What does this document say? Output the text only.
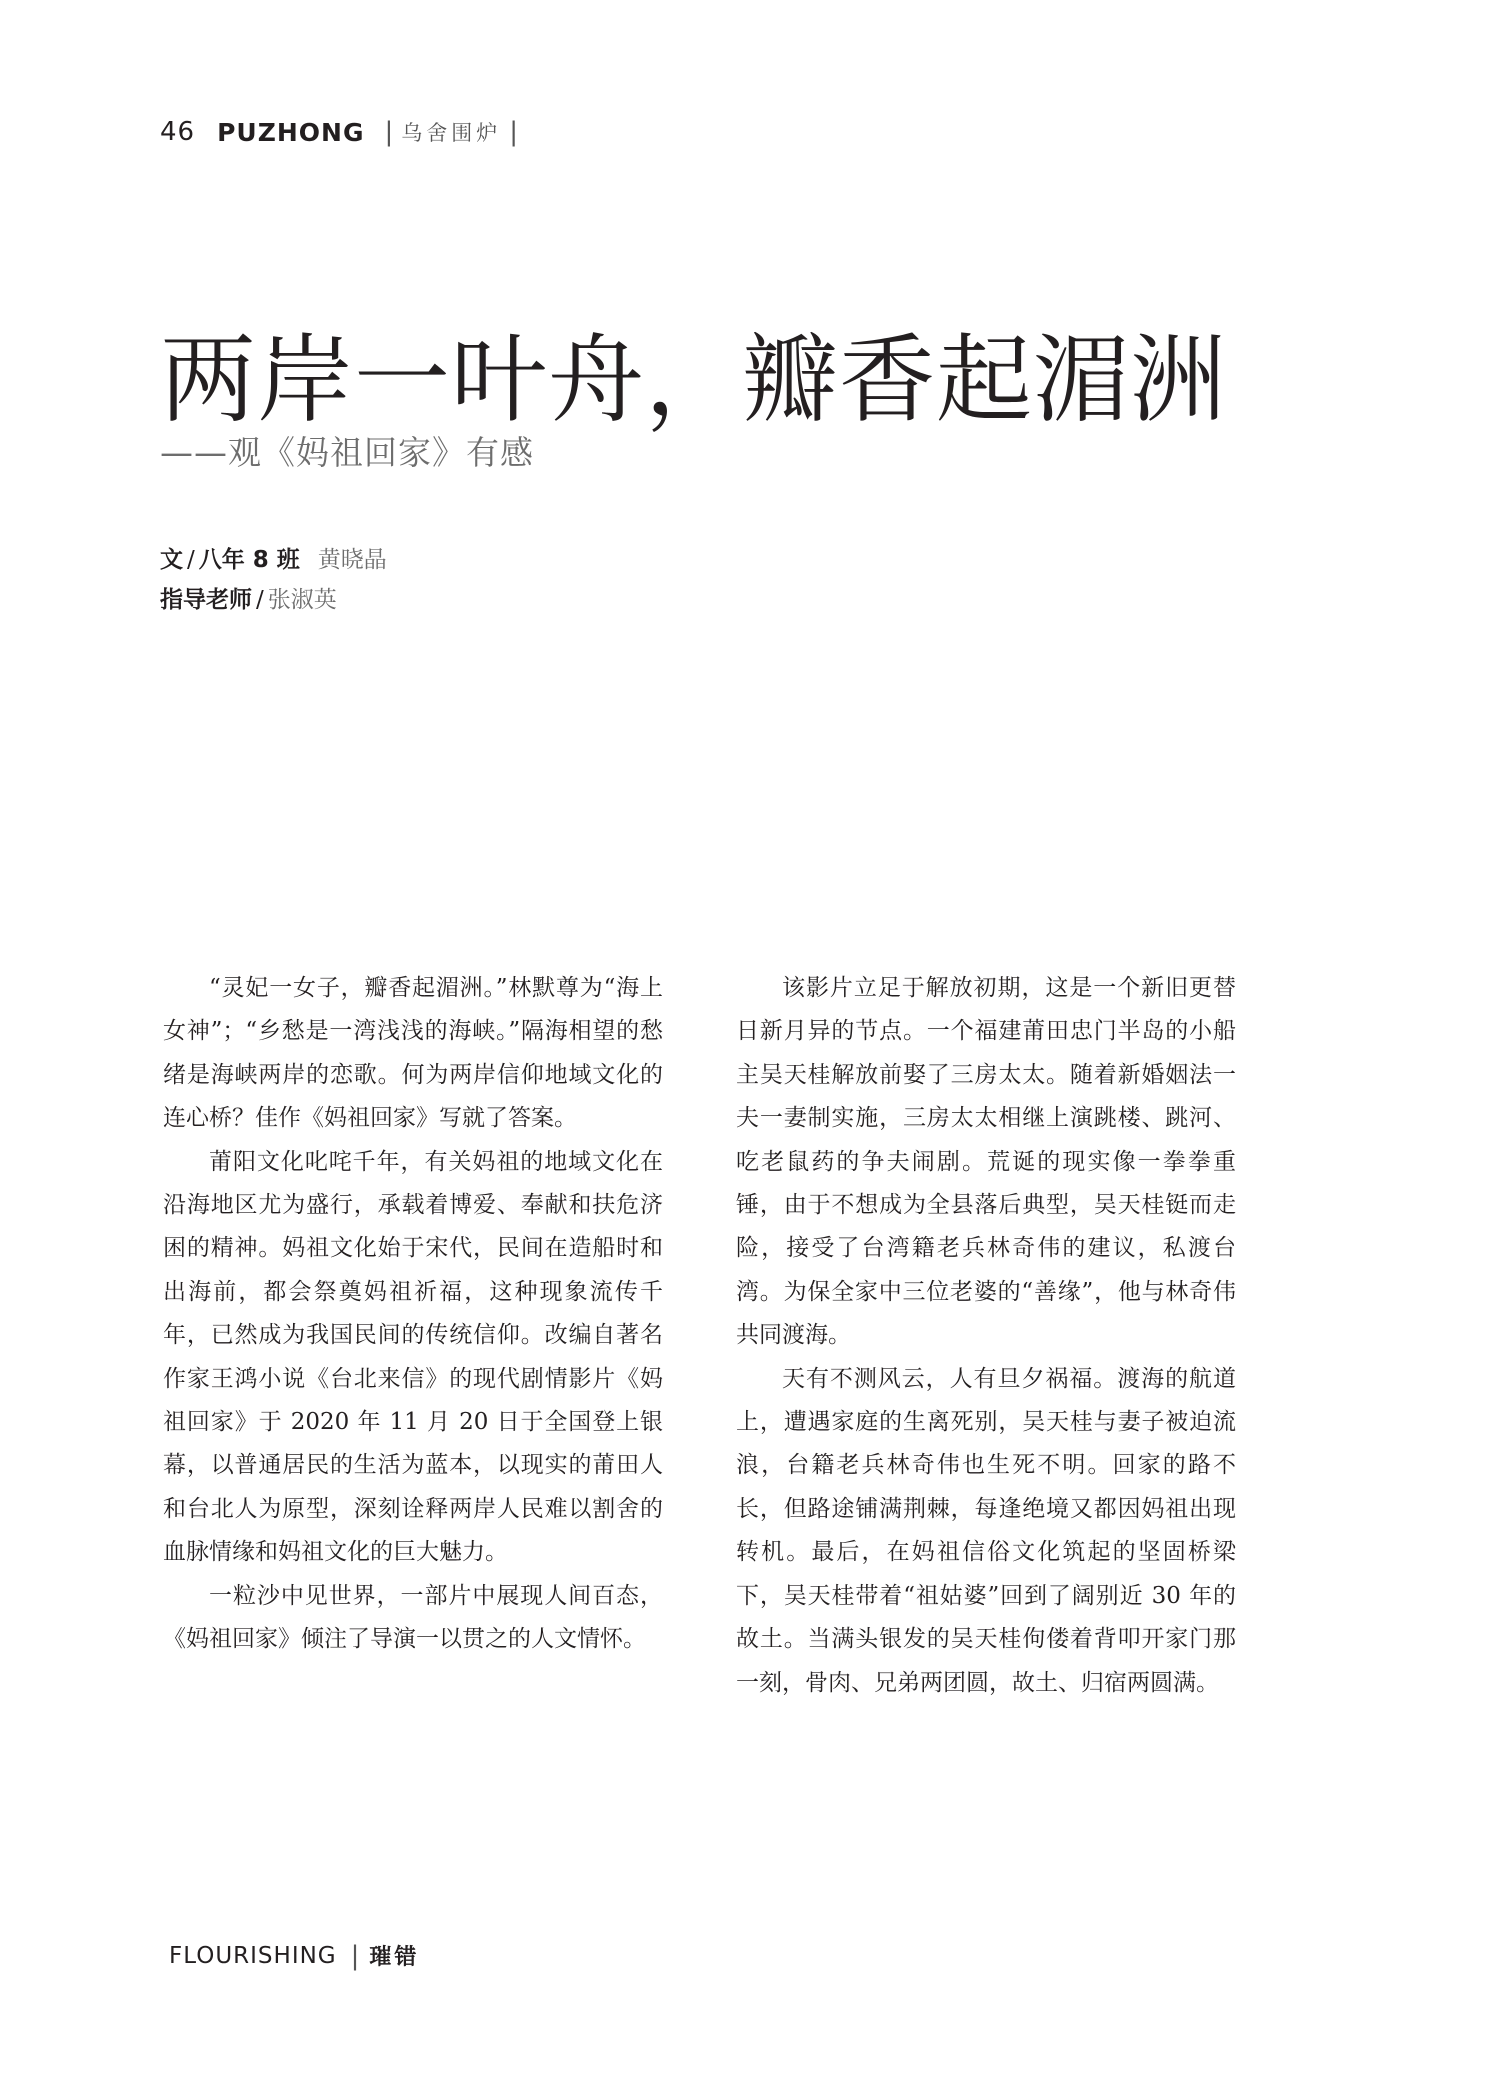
46 PUZHONG | 乌舍围炉 |
两岸一叶舟，瓣香起湄洲
——观《妈祖回家》有感
文 / 八年 8 班 黄晓晶
指导老师 / 张淑英

“灵妃一女子，瓣香起湄洲。”林默尊为“海上女神”；“乡愁是一湾浅浅的海峡。”隔海相望的愁绪是海峡两岸的恋歌。何为两岸信仰地域文化的连心桥？佳作《妈祖回家》写就了答案。

莆阳文化叱咤千年，有关妈祖的地域文化在沿海地区尤为盛行，承载着博爱、奉献和扶危济困的精神。妈祖文化始于宋代，民间在造船时和出海前，都会祭奠妈祖祈福，这种现象流传千年，已然成为我国民间的传统信仰。改编自著名作家王鸿小说《台北来信》的现代剧情影片《妈祖回家》于 2020 年 11 月 20 日于全国登上银幕，以普通居民的生活为蓝本，以现实的莆田人和台北人为原型，深刻诠释两岸人民难以割舍的血脉情缘和妈祖文化的巨大魅力。

一粒沙中见世界，一部片中展现人间百态，《妈祖回家》倾注了导演一以贯之的人文情怀。

该影片立足于解放初期，这是一个新旧更替日新月异的节点。一个福建莆田忠门半岛的小船主吴天桂解放前娶了三房太太。随着新婚姻法一夫一妻制实施，三房太太相继上演跳楼、跳河、吃老鼠药的争夫闹剧。荒诞的现实像一拳拳重锤，由于不想成为全县落后典型，吴天桂铤而走险，接受了台湾籍老兵林奇伟的建议，私渡台湾。为保全家中三位老婆的“善缘”，他与林奇伟共同渡海。

天有不测风云，人有旦夕祸福。渡海的航道上，遭遇家庭的生离死别，吴天桂与妻子被迫流浪，台籍老兵林奇伟也生死不明。回家的路不长，但路途铺满荆棘，每逢绝境又都因妈祖出现转机。最后，在妈祖信俗文化筑起的坚固桥梁下，吴天桂带着“祖姑婆”回到了阔别近 30 年的故土。当满头银发的吴天桂佝偻着背叩开家门那一刻，骨肉、兄弟两团圆，故土、归宿两圆满。

FLOURISHING | 璀错
